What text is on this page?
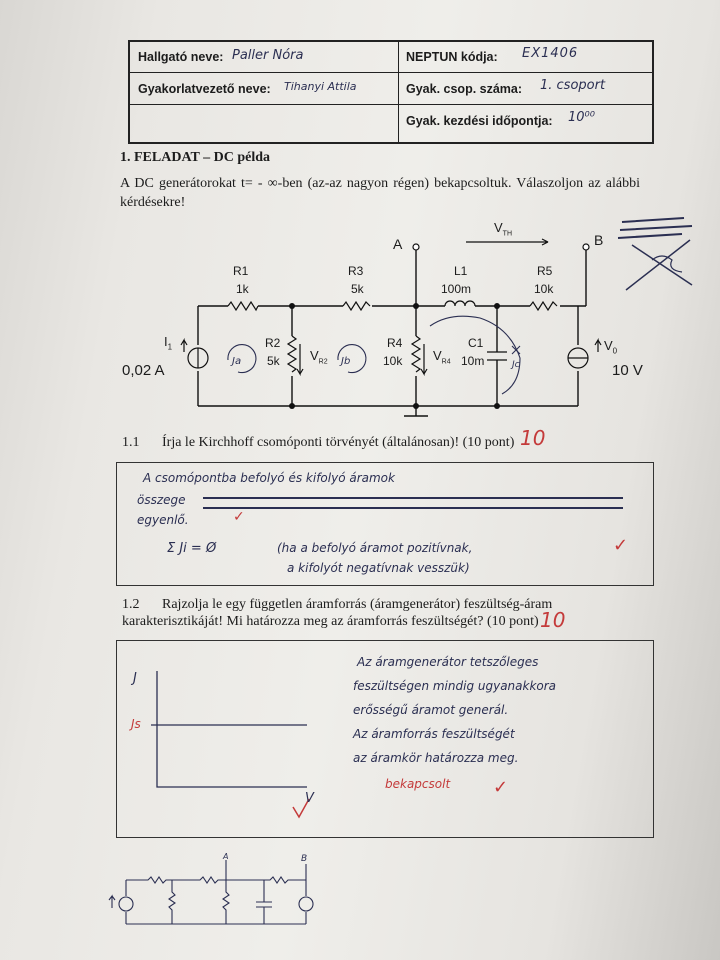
Hallgató neve: Paller Nóra	NEPTUN kódja: EX1406
Gyakorlatvezető neve: Tihanyi Attila	Gyak. csop. száma: 1. csoport
Gyak. kezdési időpontja: 10⁰⁰
1. FELADAT – DC példa
A DC generátorokat t= - ∞-ben (az-az nagyon régen) bekapcsoltuk. Válaszoljon az alábbi kérdésekre!
A	B
$V_{TH}$
R1
1k
R3
5k
L1
100m
R5
10k
R2
5k
R4
10k
C1
10m
$V_{R2}$	$V_{R4}$
$I_1$
0,02 A
$V_0$
10 V
Ja	Jb	Jc
1.1 Írja le Kirchhoff csomóponti törvényét (általánosan)! (10 pont) 10
A csomópontba befolyó és kifolyó áramok
összege
egyenlő.	✓
Σ Ji = Ø	(ha a befolyó áramot pozitívnak,
a kifolyót negatívnak vesszük)
✓
1.2 Rajzolja le egy független áramforrás (áramgenerátor) feszültség-áram
karakterisztikáját! Mi határozza meg az áramforrás feszültségét? (10 pont) 10
J
V
Js
Az áramgenerátor tetszőleges
feszültségen mindig ugyanakkora
erősségű áramot generál.
Az áramforrás feszültségét
az áramkör határozza meg.
bekapcsolt ✓
A	B
